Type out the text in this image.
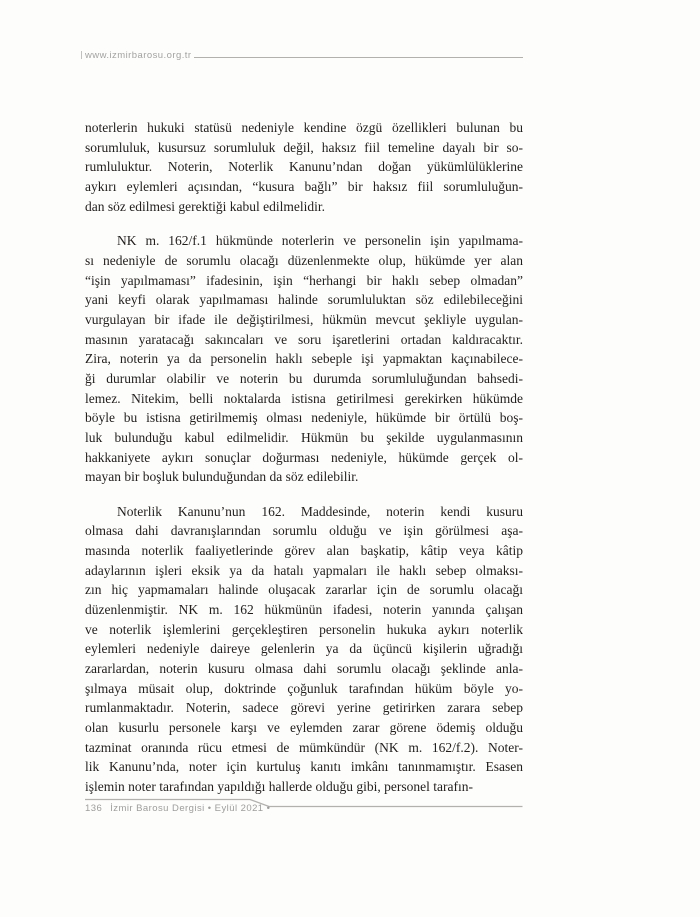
www.izmirbarosu.org.tr
noterlerin hukuki statüsü nedeniyle kendine özgü özellikleri bulunan bu
sorumluluk, kusursuz sorumluluk değil, haksız fiil temeline dayalı bir so-
rumluluktur. Noterin, Noterlik Kanunu’ndan doğan yükümlülüklerine
aykırı eylemleri açısından, “kusura bağlı” bir haksız fiil sorumluluğun-
dan söz edilmesi gerektiği kabul edilmelidir.
NK m. 162/f.1 hükmünde noterlerin ve personelin işin yapılmama-
sı nedeniyle de sorumlu olacağı düzenlenmekte olup, hükümde yer alan
“işin yapılmaması” ifadesinin, işin “herhangi bir haklı sebep olmadan”
yani keyfi olarak yapılmaması halinde sorumluluktan söz edilebileceğini
vurgulayan bir ifade ile değiştirilmesi, hükmün mevcut şekliyle uygulan-
masının yaratacağı sakıncaları ve soru işaretlerini ortadan kaldıracaktır.
Zira, noterin ya da personelin haklı sebeple işi yapmaktan kaçınabilece-
ği durumlar olabilir ve noterin bu durumda sorumluluğundan bahsedi-
lemez. Nitekim, belli noktalarda istisna getirilmesi gerekirken hükümde
böyle bu istisna getirilmemiş olması nedeniyle, hükümde bir örtülü boş-
luk bulunduğu kabul edilmelidir. Hükmün bu şekilde uygulanmasının
hakkaniyete aykırı sonuçlar doğurması nedeniyle, hükümde gerçek ol-
mayan bir boşluk bulunduğundan da söz edilebilir.
Noterlik Kanunu’nun 162. Maddesinde, noterin kendi kusuru
olmasa dahi davranışlarından sorumlu olduğu ve işin görülmesi aşa-
masında noterlik faaliyetlerinde görev alan başkatip, kâtip veya kâtip
adaylarının işleri eksik ya da hatalı yapmaları ile haklı sebep olmaksı-
zın hiç yapmamaları halinde oluşacak zararlar için de sorumlu olacağı
düzenlenmiştir. NK m. 162 hükmünün ifadesi, noterin yanında çalışan
ve noterlik işlemlerini gerçekleştiren personelin hukuka aykırı noterlik
eylemleri nedeniyle daireye gelenlerin ya da üçüncü kişilerin uğradığı
zararlardan, noterin kusuru olmasa dahi sorumlu olacağı şeklinde anla-
şılmaya müsait olup, doktrinde çoğunluk tarafından hüküm böyle yo-
rumlanmaktadır. Noterin, sadece görevi yerine getirirken zarara sebep
olan kusurlu personele karşı ve eylemden zarar görene ödemiş olduğu
tazminat oranında rücu etmesi de mümkündür (NK m. 162/f.2). Noter-
lik Kanunu’nda, noter için kurtuluş kanıtı imkânı tanınmamıştır. Esasen
işlemin noter tarafından yapıldığı hallerde olduğu gibi, personel tarafın-
136 İzmir Barosu Dergisi • Eylül 2021 •
